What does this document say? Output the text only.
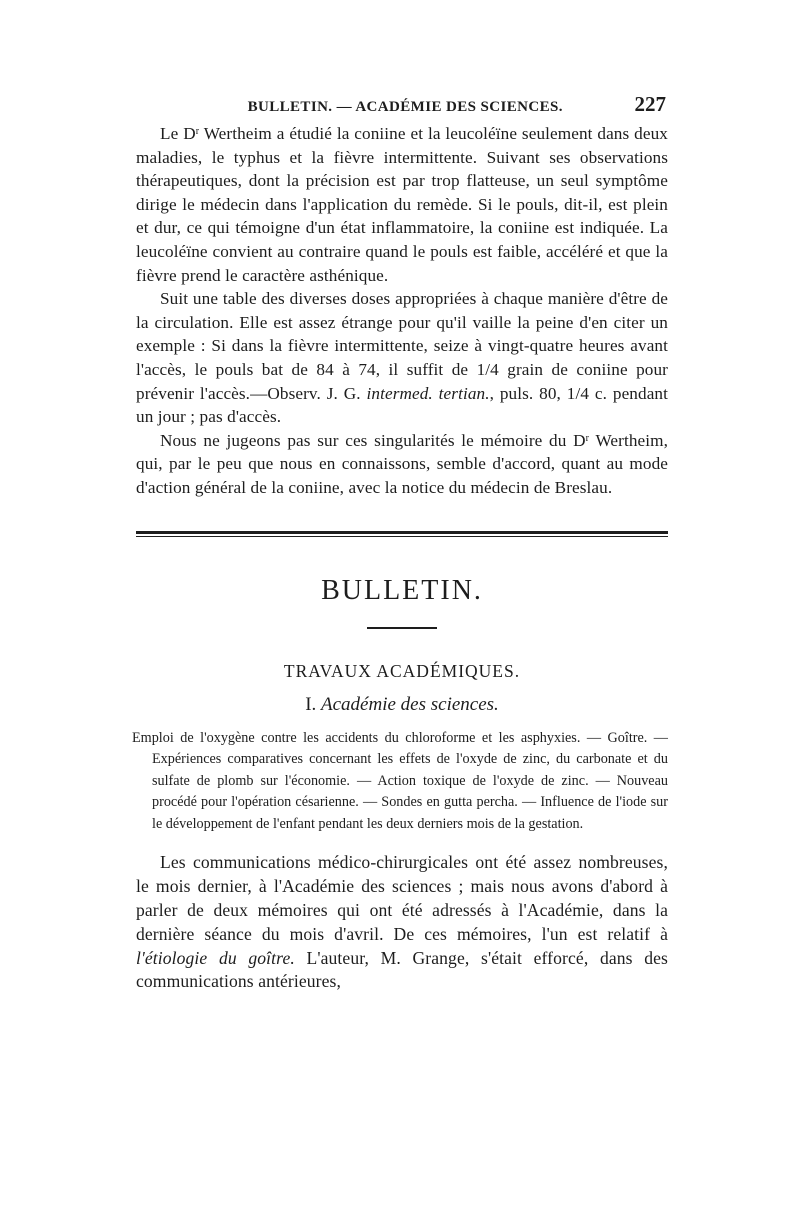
BULLETIN. — ACADÉMIE DES SCIENCES.	227

Le $D^r$ Wertheim a étudié la coniine et la leucoléïne seulement dans deux maladies, le typhus et la fièvre intermittente. Suivant ses observations thérapeutiques, dont la précision est par trop flatteuse, un seul symptôme dirige le médecin dans l'application du remède. Si le pouls, dit-il, est plein et dur, ce qui témoigne d'un état inflammatoire, la coniine est indiquée. La leucoléïne convient au contraire quand le pouls est faible, accéléré et que la fièvre prend le caractère asthénique.

Suit une table des diverses doses appropriées à chaque manière d'être de la circulation. Elle est assez étrange pour qu'il vaille la peine d'en citer un exemple : Si dans la fièvre intermittente, seize à vingt-quatre heures avant l'accès, le pouls bat de 84 à 74, il suffit de 1/4 grain de coniine pour prévenir l'accès.—Observ. J. G. intermed. tertian., puls. 80, 1/4 c. pendant un jour ; pas d'accès.

Nous ne jugeons pas sur ces singularités le mémoire du $D^r$ Wertheim, qui, par le peu que nous en connaissons, semble d'accord, quant au mode d'action général de la coniine, avec la notice du médecin de Breslau.

BULLETIN.
TRAVAUX ACADÉMIQUES.
I. Académie des sciences.

Emploi de l'oxygène contre les accidents du chloroforme et les asphyxies. — Goître. — Expériences comparatives concernant les effets de l'oxyde de zinc, du carbonate et du sulfate de plomb sur l'économie. — Action toxique de l'oxyde de zinc. — Nouveau procédé pour l'opération césarienne. — Sondes en gutta percha. — Influence de l'iode sur le développement de l'enfant pendant les deux derniers mois de la gestation.

Les communications médico-chirurgicales ont été assez nombreuses, le mois dernier, à l'Académie des sciences ; mais nous avons d'abord à parler de deux mémoires qui ont été adressés à l'Académie, dans la dernière séance du mois d'avril. De ces mémoires, l'un est relatif à l'étiologie du goître. L'auteur, M. Grange, s'était efforcé, dans des communications antérieures,
